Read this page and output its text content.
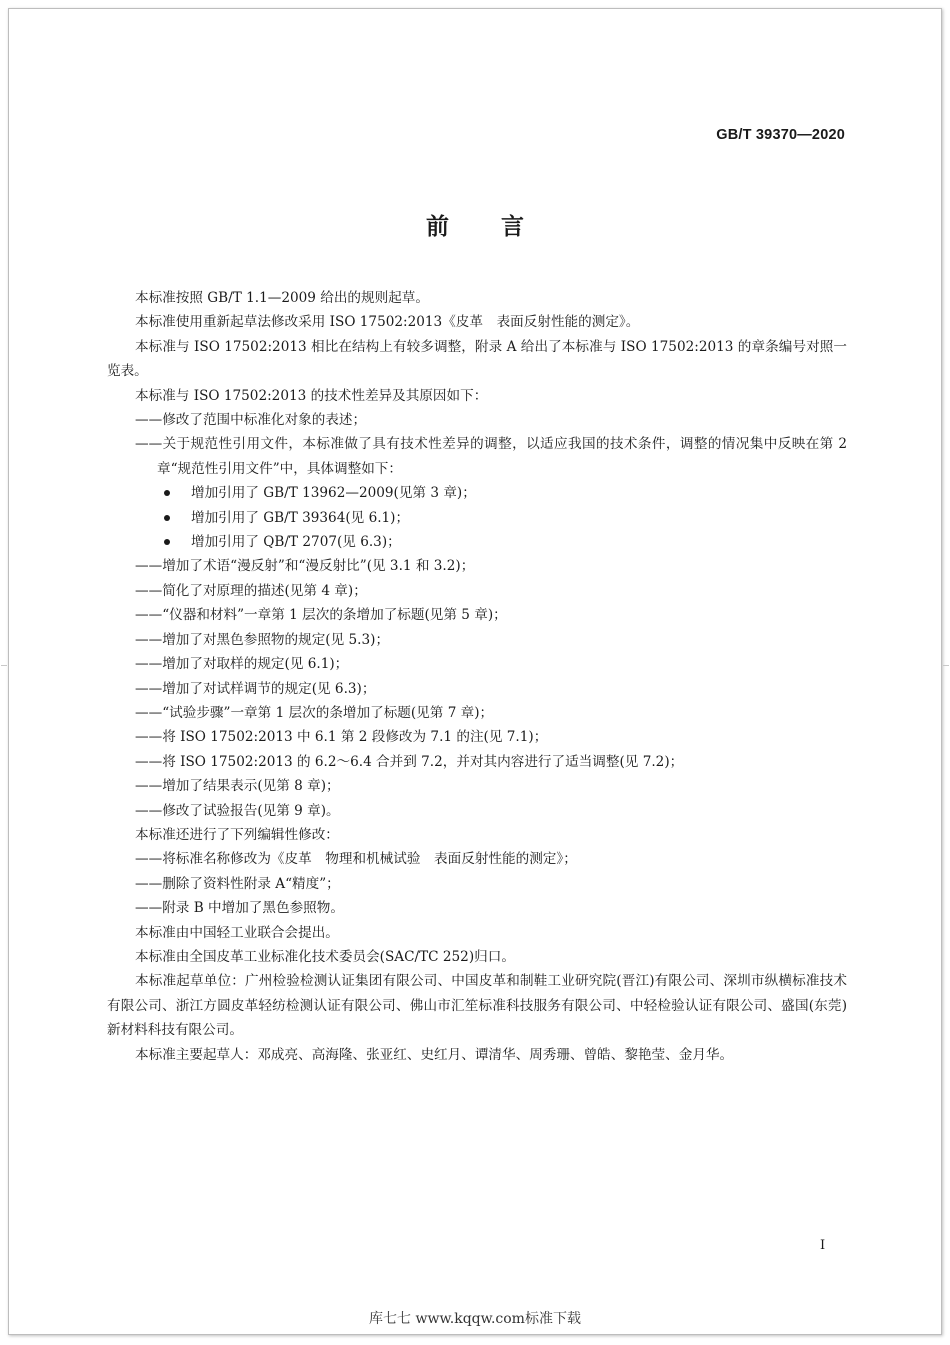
GB/T 39370—2020
前言
本标准按照 GB/T 1.1—2009 给出的规则起草。
本标准使用重新起草法修改采用 ISO 17502:2013《皮革　表面反射性能的测定》。
本标准与 ISO 17502:2013 相比在结构上有较多调整，附录 A 给出了本标准与 ISO 17502:2013 的章条编号对照一览表。
本标准与 ISO 17502:2013 的技术性差异及其原因如下：
——修改了范围中标准化对象的表述；
——关于规范性引用文件，本标准做了具有技术性差异的调整，以适应我国的技术条件，调整的情况集中反映在第 2 章“规范性引用文件”中，具体调整如下：
增加引用了 GB/T 13962—2009(见第 3 章)；
增加引用了 GB/T 39364(见 6.1)；
增加引用了 QB/T 2707(见 6.3)；
——增加了术语“漫反射”和“漫反射比”(见 3.1 和 3.2)；
——简化了对原理的描述(见第 4 章)；
——“仪器和材料”一章第 1 层次的条增加了标题(见第 5 章)；
——增加了对黑色参照物的规定(见 5.3)；
——增加了对取样的规定(见 6.1)；
——增加了对试样调节的规定(见 6.3)；
——“试验步骤”一章第 1 层次的条增加了标题(见第 7 章)；
——将 ISO 17502:2013 中 6.1 第 2 段修改为 7.1 的注(见 7.1)；
——将 ISO 17502:2013 的 6.2～6.4 合并到 7.2，并对其内容进行了适当调整(见 7.2)；
——增加了结果表示(见第 8 章)；
——修改了试验报告(见第 9 章)。
本标准还进行了下列编辑性修改：
——将标准名称修改为《皮革　物理和机械试验　表面反射性能的测定》；
——删除了资料性附录 A“精度”；
——附录 B 中增加了黑色参照物。
本标准由中国轻工业联合会提出。
本标准由全国皮革工业标准化技术委员会(SAC/TC 252)归口。
本标准起草单位：广州检验检测认证集团有限公司、中国皮革和制鞋工业研究院(晋江)有限公司、深圳市纵横标准技术有限公司、浙江方圆皮革轻纺检测认证有限公司、佛山市汇笙标准科技服务有限公司、中轻检验认证有限公司、盛国(东莞)新材料科技有限公司。
本标准主要起草人：邓成亮、高海隆、张亚红、史红月、谭清华、周秀珊、曾皓、黎艳莹、金月华。
I
库七七 www.kqqw.com标准下载
